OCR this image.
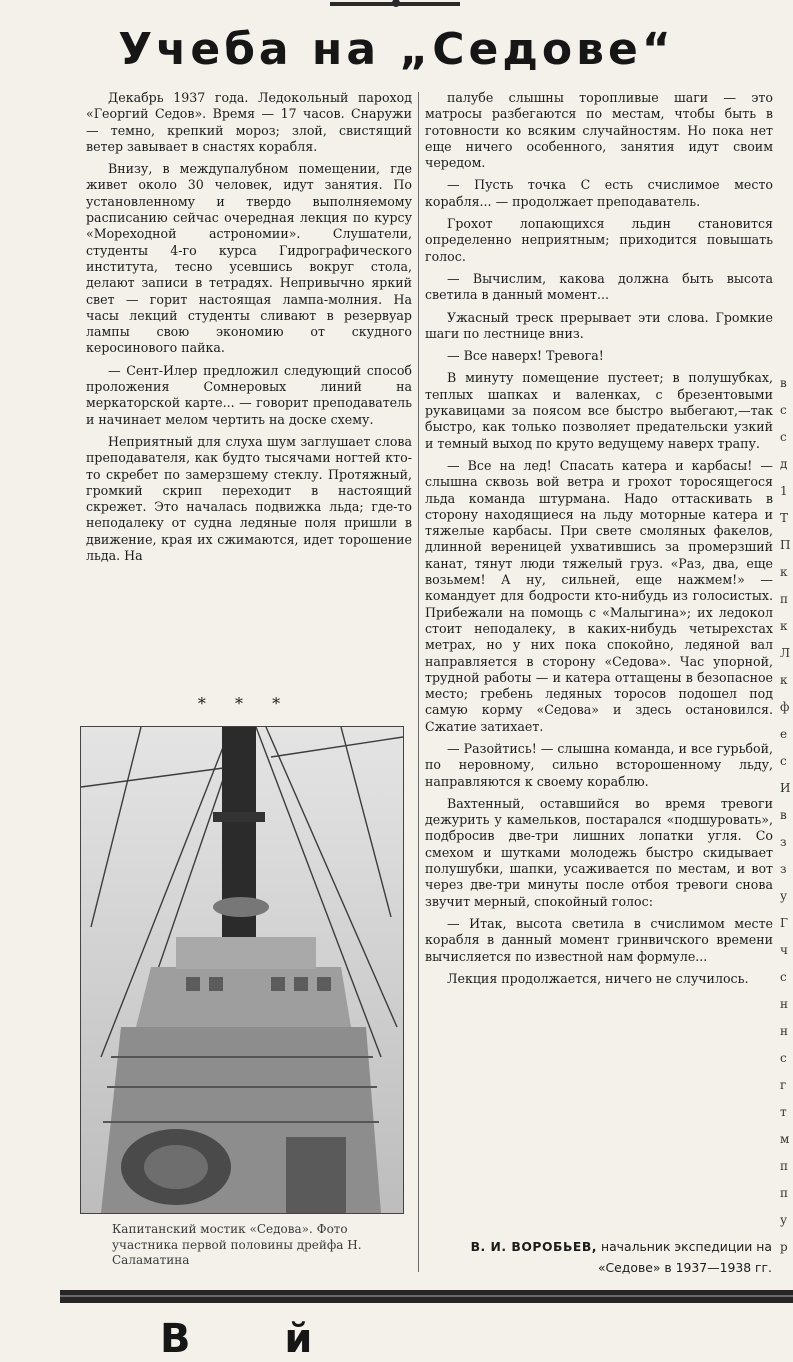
Учеба на „Седове“

Декабрь 1937 года. Ледокольный пароход «Георгий Седов». Время — 17 часов. Снаружи — темно, крепкий мороз; злой, свистящий ветер завывает в снастях корабля.

Внизу, в междупалубном помещении, где живет около 30 человек, идут занятия. По установленному и твердо выполняемому расписанию сейчас очередная лекция по курсу «Мореходной астрономии». Слушатели, студенты 4-го курса Гидрографического института, тесно усевшись вокруг стола, делают записи в тетрадях. Непривычно яркий свет — горит настоящая лампа-молния. На часы лекций студенты сливают в резервуар лампы свою экономию от скудного керосинового пайка.

— Сент-Илер предложил следующий способ проложения Сомнеровых линий на меркаторской карте... — говорит преподаватель и начинает мелом чертить на доске схему.

Неприятный для слуха шум заглушает слова преподавателя, как будто тысячами ногтей кто-то скребет по замерзшему стеклу. Протяжный, громкий скрип переходит в настоящий скрежет. Это началась подвижка льда; где-то неподалеку от судна ледяные поля пришли в движение, края их сжимаются, идет торошение льда. На

палубе слышны торопливые шаги — это матросы разбегаются по местам, чтобы быть в готовности ко всяким случайностям. Но пока нет еще ничего особенного, занятия идут своим чередом.

— Пусть точка С есть счислимое место корабля... — продолжает преподаватель.

Грохот лопающихся льдин становится определенно неприятным; приходится повышать голос.

— Вычислим, какова должна быть высота светила в данный момент...

Ужасный треск прерывает эти слова. Громкие шаги по лестнице вниз.

— Все наверх! Тревога!

В минуту помещение пустеет; в полушубках, теплых шапках и валенках, с брезентовыми рукавицами за поясом все быстро выбегают,—так быстро, как только позволяет предательски узкий и темный выход по круто ведущему наверх трапу.

— Все на лед! Спасать катера и карбасы! — слышна сквозь вой ветра и грохот торосящегося льда команда штурмана. Надо оттаскивать в сторону находящиеся на льду моторные катера и тяжелые карбасы. При свете смоляных факелов, длинной вереницей ухватившись за промерзший канат, тянут люди тяжелый груз. «Раз, два, еще возьмем! А ну, сильней, еще нажмем!» — командует для бодрости кто-нибудь из голосистых. Прибежали на помощь с «Малыгина»; их ледокол стоит неподалеку, в каких-нибудь четырехстах метрах, но у них пока спокойно, ледяной вал направляется в сторону «Седова». Час упорной, трудной работы — и катера оттащены в безопасное место; гребень ледяных торосов подошел под самую корму «Седова» и здесь остановился. Сжатие затихает.

— Разойтись! — слышна команда, и все гурьбой, по неровному, сильно всторошенному льду, направляются к своему кораблю.

Вахтенный, оставшийся во время тревоги дежурить у камельков, постарался «подшуровать», подбросив две-три лишних лопатки угля. Со смехом и шутками молодежь быстро скидывает полушубки, шапки, усаживается по местам, и вот через две-три минуты после отбоя тревоги снова звучит мерный, спокойный голос:

— Итак, высота светила в счислимом месте корабля в данный момент гринвичского времени вычисляется по известной нам формуле...

Лекция продолжается, ничего не случилось.

* * *
Капитанский мостик «Седова». Фото участника первой половины дрейфа Н. Саламатина
В. И. ВОРОБЬЕВ, начальник экспедиции на «Седове» в 1937—1938 гг.
В й
в
с
с
д
1
Т
П
к
п
к
Л
к
ф
е
с
И
в
з
з
у
Г
ч
с
н
н
с
г
т
м
п
п
у
р
